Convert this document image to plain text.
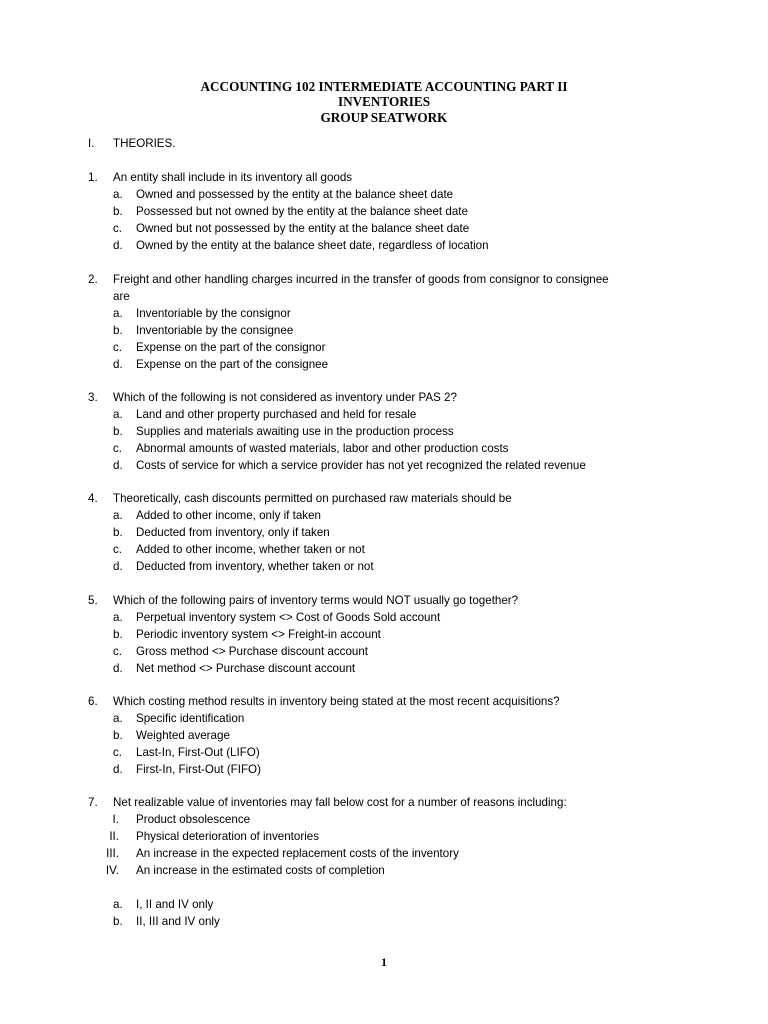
ACCOUNTING 102 INTERMEDIATE ACCOUNTING PART II
INVENTORIES
GROUP SEATWORK
I. THEORIES.
1. An entity shall include in its inventory all goods
a. Owned and possessed by the entity at the balance sheet date
b. Possessed but not owned by the entity at the balance sheet date
c. Owned but not possessed by the entity at the balance sheet date
d. Owned by the entity at the balance sheet date, regardless of location
2. Freight and other handling charges incurred in the transfer of goods from consignor to consignee
are
a. Inventoriable by the consignor
b. Inventoriable by the consignee
c. Expense on the part of the consignor
d. Expense on the part of the consignee
3. Which of the following is not considered as inventory under PAS 2?
a. Land and other property purchased and held for resale
b. Supplies and materials awaiting use in the production process
c. Abnormal amounts of wasted materials, labor and other production costs
d. Costs of service for which a service provider has not yet recognized the related revenue
4. Theoretically, cash discounts permitted on purchased raw materials should be
a. Added to other income, only if taken
b. Deducted from inventory, only if taken
c. Added to other income, whether taken or not
d. Deducted from inventory, whether taken or not
5. Which of the following pairs of inventory terms would NOT usually go together?
a. Perpetual inventory system <> Cost of Goods Sold account
b. Periodic inventory system <> Freight-in account
c. Gross method <> Purchase discount account
d. Net method <> Purchase discount account
6. Which costing method results in inventory being stated at the most recent acquisitions?
a. Specific identification
b. Weighted average
c. Last-In, First-Out (LIFO)
d. First-In, First-Out (FIFO)
7. Net realizable value of inventories may fall below cost for a number of reasons including:
I. Product obsolescence
II. Physical deterioration of inventories
III. An increase in the expected replacement costs of the inventory
IV. An increase in the estimated costs of completion
a. I, II and IV only
b. II, III and IV only
1
